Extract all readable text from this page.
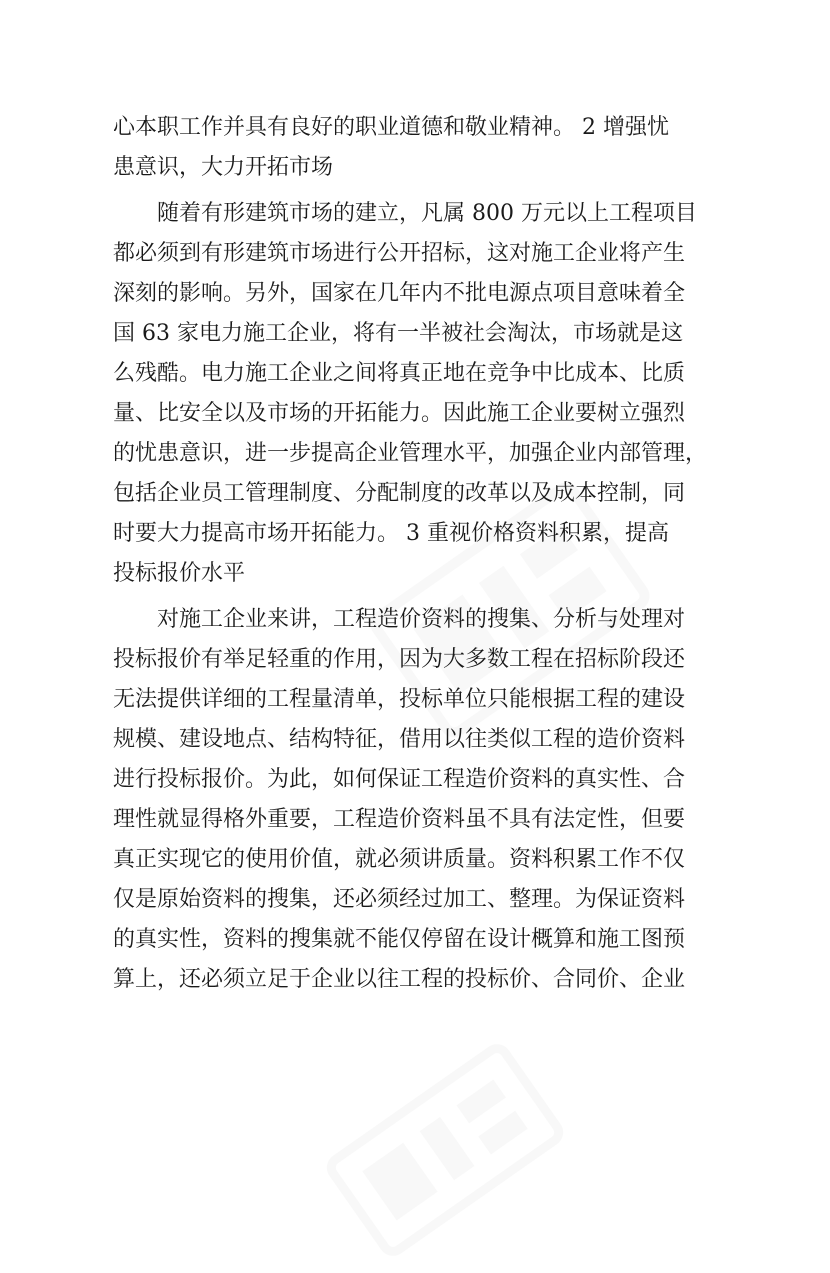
心本职工作并具有良好的职业道德和敬业精神。 2 增强忧
患意识，大力开拓市场
随着有形建筑市场的建立，凡属 800 万元以上工程项目
都必须到有形建筑市场进行公开招标，这对施工企业将产生
深刻的影响。另外，国家在几年内不批电源点项目意味着全
国 63 家电力施工企业，将有一半被社会淘汰，市场就是这
么残酷。电力施工企业之间将真正地在竞争中比成本、比质
量、比安全以及市场的开拓能力。因此施工企业要树立强烈
的忧患意识，进一步提高企业管理水平，加强企业内部管理，
包括企业员工管理制度、分配制度的改革以及成本控制，同
时要大力提高市场开拓能力。 3 重视价格资料积累，提高
投标报价水平
对施工企业来讲，工程造价资料的搜集、分析与处理对
投标报价有举足轻重的作用，因为大多数工程在招标阶段还
无法提供详细的工程量清单，投标单位只能根据工程的建设
规模、建设地点、结构特征，借用以往类似工程的造价资料
进行投标报价。为此，如何保证工程造价资料的真实性、合
理性就显得格外重要，工程造价资料虽不具有法定性，但要
真正实现它的使用价值，就必须讲质量。资料积累工作不仅
仅是原始资料的搜集，还必须经过加工、整理。为保证资料
的真实性，资料的搜集就不能仅停留在设计概算和施工图预
算上，还必须立足于企业以往工程的投标价、合同价、企业
